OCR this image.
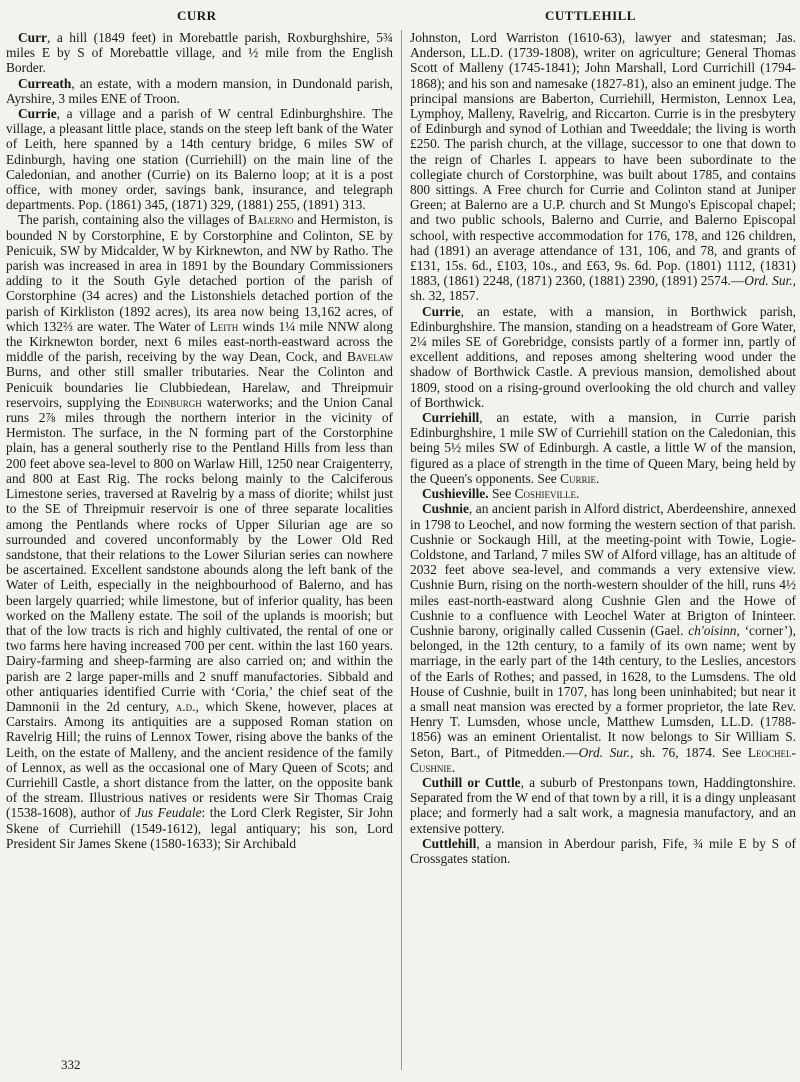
CURR	CUTTLEHILL

Curr, a hill (1849 feet) in Morebattle parish, Roxburghshire, 5¾ miles E by S of Morebattle village, and ½ mile from the English Border.

Curreath, an estate, with a modern mansion, in Dundonald parish, Ayrshire, 3 miles ENE of Troon.

Currie, a village and a parish of W central Edinburghshire. The village, a pleasant little place, stands on the steep left bank of the Water of Leith, here spanned by a 14th century bridge, 6 miles SW of Edinburgh, having one station (Curriehill) on the main line of the Caledonian, and another (Currie) on its Balerno loop; at it is a post office, with money order, savings bank, insurance, and telegraph departments. Pop. (1861) 345, (1871) 329, (1881) 255, (1891) 313.

The parish, containing also the villages of Balerno and Hermiston, is bounded N by Corstorphine, E by Corstorphine and Colinton, SE by Penicuik, SW by Midcalder, W by Kirknewton, and NW by Ratho. The parish was increased in area in 1891 by the Boundary Commissioners adding to it the South Gyle detached portion of the parish of Corstorphine (34 acres) and the Listonshiels detached portion of the parish of Kirkliston (1892 acres), its area now being 13,162 acres, of which 132⅔ are water. The Water of Leith winds 1¼ mile NNW along the Kirknewton border, next 6 miles east-north-eastward across the middle of the parish, receiving by the way Dean, Cock, and Bavelaw Burns, and other still smaller tributaries. Near the Colinton and Penicuik boundaries lie Clubbiedean, Harelaw, and Threipmuir reservoirs, supplying the Edinburgh waterworks; and the Union Canal runs 2⅞ miles through the northern interior in the vicinity of Hermiston. The surface, in the N forming part of the Corstorphine plain, has a general southerly rise to the Pentland Hills from less than 200 feet above sea-level to 800 on Warlaw Hill, 1250 near Craigenterry, and 800 at East Rig. The rocks belong mainly to the Calciferous Limestone series, traversed at Ravelrig by a mass of diorite; whilst just to the SE of Threipmuir reservoir is one of three separate localities among the Pentlands where rocks of Upper Silurian age are so surrounded and covered unconformably by the Lower Old Red sandstone, that their relations to the Lower Silurian series can nowhere be ascertained. Excellent sandstone abounds along the left bank of the Water of Leith, especially in the neighbourhood of Balerno, and has been largely quarried; while limestone, but of inferior quality, has been worked on the Malleny estate. The soil of the uplands is moorish; but that of the low tracts is rich and highly cultivated, the rental of one or two farms here having increased 700 per cent. within the last 160 years. Dairy-farming and sheep-farming are also carried on; and within the parish are 2 large paper-mills and 2 snuff manufactories. Sibbald and other antiquaries identified Currie with ‘Coria,’ the chief seat of the Damnonii in the 2d century, a.d., which Skene, however, places at Carstairs. Among its antiquities are a supposed Roman station on Ravelrig Hill; the ruins of Lennox Tower, rising above the banks of the Leith, on the estate of Malleny, and the ancient residence of the family of Lennox, as well as the occasional one of Mary Queen of Scots; and Curriehill Castle, a short distance from the latter, on the opposite bank of the stream. Illustrious natives or residents were Sir Thomas Craig (1538-1608), author of Jus Feudale: the Lord Clerk Register, Sir John Skene of Curriehill (1549-1612), legal antiquary; his son, Lord President Sir James Skene (1580-1633); Sir Archibald

Johnston, Lord Warriston (1610-63), lawyer and statesman; Jas. Anderson, LL.D. (1739-1808), writer on agriculture; General Thomas Scott of Malleny (1745-1841); John Marshall, Lord Currichill (1794-1868); and his son and namesake (1827-81), also an eminent judge. The principal mansions are Baberton, Curriehill, Hermiston, Lennox Lea, Lymphoy, Malleny, Ravelrig, and Riccarton. Currie is in the presbytery of Edinburgh and synod of Lothian and Tweeddale; the living is worth £250. The parish church, at the village, successor to one that down to the reign of Charles I. appears to have been subordinate to the collegiate church of Corstorphine, was built about 1785, and contains 800 sittings. A Free church for Currie and Colinton stand at Juniper Green; at Balerno are a U.P. church and St Mungo's Episcopal chapel; and two public schools, Balerno and Currie, and Balerno Episcopal school, with respective accommodation for 176, 178, and 126 children, had (1891) an average attendance of 131, 106, and 78, and grants of £131, 15s. 6d., £103, 10s., and £63, 9s. 6d. Pop. (1801) 1112, (1831) 1883, (1861) 2248, (1871) 2360, (1881) 2390, (1891) 2574.—Ord. Sur., sh. 32, 1857.

Currie, an estate, with a mansion, in Borthwick parish, Edinburghshire. The mansion, standing on a headstream of Gore Water, 2¼ miles SE of Gorebridge, consists partly of a former inn, partly of excellent additions, and reposes among sheltering wood under the shadow of Borthwick Castle. A previous mansion, demolished about 1809, stood on a rising-ground overlooking the old church and valley of Borthwick.

Curriehill, an estate, with a mansion, in Currie parish Edinburghshire, 1 mile SW of Curriehill station on the Caledonian, this being 5½ miles SW of Edinburgh. A castle, a little W of the mansion, figured as a place of strength in the time of Queen Mary, being held by the Queen's opponents. See Currie.

Cushieville. See Coshieville.

Cushnie, an ancient parish in Alford district, Aberdeenshire, annexed in 1798 to Leochel, and now forming the western section of that parish. Cushnie or Sockaugh Hill, at the meeting-point with Towie, Logie-Coldstone, and Tarland, 7 miles SW of Alford village, has an altitude of 2032 feet above sea-level, and commands a very extensive view. Cushnie Burn, rising on the north-western shoulder of the hill, runs 4½ miles east-north-eastward along Cushnie Glen and the Howe of Cushnie to a confluence with Leochel Water at Brigton of Ininteer. Cushnie barony, originally called Cussenin (Gael. ch'oisinn, ‘corner’), belonged, in the 12th century, to a family of its own name; went by marriage, in the early part of the 14th century, to the Leslies, ancestors of the Earls of Rothes; and passed, in 1628, to the Lumsdens. The old House of Cushnie, built in 1707, has long been uninhabited; but near it a small neat mansion was erected by a former proprietor, the late Rev. Henry T. Lumsden, whose uncle, Matthew Lumsden, LL.D. (1788-1856) was an eminent Orientalist. It now belongs to Sir William S. Seton, Bart., of Pitmedden.—Ord. Sur., sh. 76, 1874. See Leochel-Cushnie.

Cuthill or Cuttle, a suburb of Prestonpans town, Haddingtonshire. Separated from the W end of that town by a rill, it is a dingy unpleasant place; and formerly had a salt work, a magnesia manufactory, and an extensive pottery.

Cuttlehill, a mansion in Aberdour parish, Fife, ¾ mile E by S of Crossgates station.

332
